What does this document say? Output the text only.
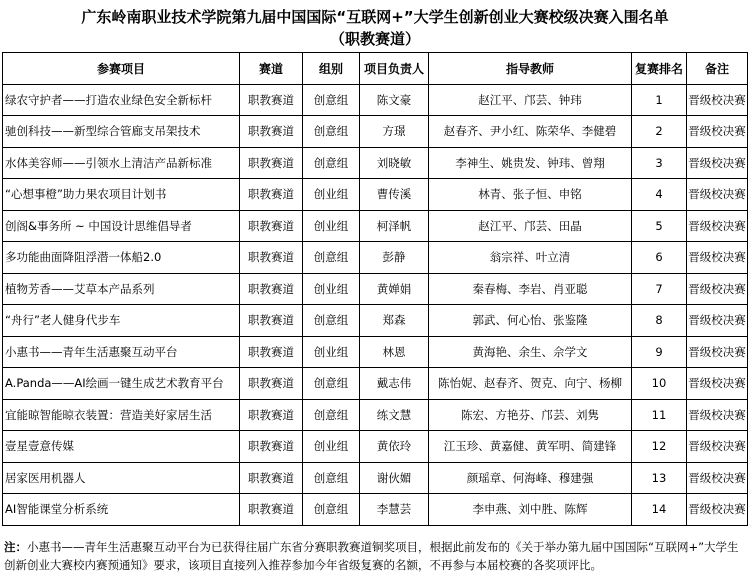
广东岭南职业技术学院第九届中国国际“互联网+”大学生创新创业大赛校级决赛入围名单
（职教赛道）
参赛项目	赛道	组别	项目负责人	指导教师	复赛排名	备注
绿农守护者——打造农业绿色安全新标杆	职教赛道	创意组	陈文豪	赵江平、邝芸、钟玮	1	晋级校决赛
驰创科技——新型综合管廊支吊架技术	职教赛道	创意组	方璟	赵春齐、尹小红、陈荣华、李健碧	2	晋级校决赛
水体美容师——引领水上清洁产品新标准	职教赛道	创意组	刘晓敏	李神生、姚贵发、钟玮、曾翔	3	晋级校决赛
“心想事橙”助力果农项目计划书	职教赛道	创业组	曹传溪	林青、张子恒、申铭	4	晋级校决赛
创阁&事务所 ~ 中国设计思维倡导者	职教赛道	创业组	柯泽帆	赵江平、邝芸、田晶	5	晋级校决赛
多功能曲面降阻浮潜一体船2.0	职教赛道	创意组	彭静	翁宗祥、叶立清	6	晋级校决赛
植物芳香——艾草本产品系列	职教赛道	创业组	黄婵娟	秦春梅、李岩、肖亚聪	7	晋级校决赛
“舟行”老人健身代步车	职教赛道	创意组	郑森	郭武、何心怡、张鉴隆	8	晋级校决赛
小惠书——青年生活惠聚互动平台	职教赛道	创业组	林恩	黄海艳、余生、佘学文	9	晋级校决赛
A.Panda——AI绘画一键生成艺术教育平台	职教赛道	创意组	戴志伟	陈怡妮、赵春齐、贺克、向宁、杨柳	10	晋级校决赛
宜能晾智能晾衣装置：营造美好家居生活	职教赛道	创意组	练文慧	陈宏、方艳芬、邝芸、刘隽	11	晋级校决赛
壹星壹意传媒	职教赛道	创业组	黄依玲	江玉珍、黄嘉健、黄军明、简建锋	12	晋级校决赛
居家医用机器人	职教赛道	创意组	谢伙媚	颜瑶章、何海峰、穆建强	13	晋级校决赛
AI智能课堂分析系统	职教赛道	创意组	李慧芸	李申燕、刘中胜、陈辉	14	晋级校决赛
注：小惠书——青年生活惠聚互动平台为已获得往届广东省分赛职教赛道铜奖项目，根据此前发布的《关于举办第九届中国国际“互联网+”大学生创新创业大赛校内赛预通知》要求，该项目直接列入推荐参加今年省级复赛的名额，不再参与本届校赛的各奖项评比。
